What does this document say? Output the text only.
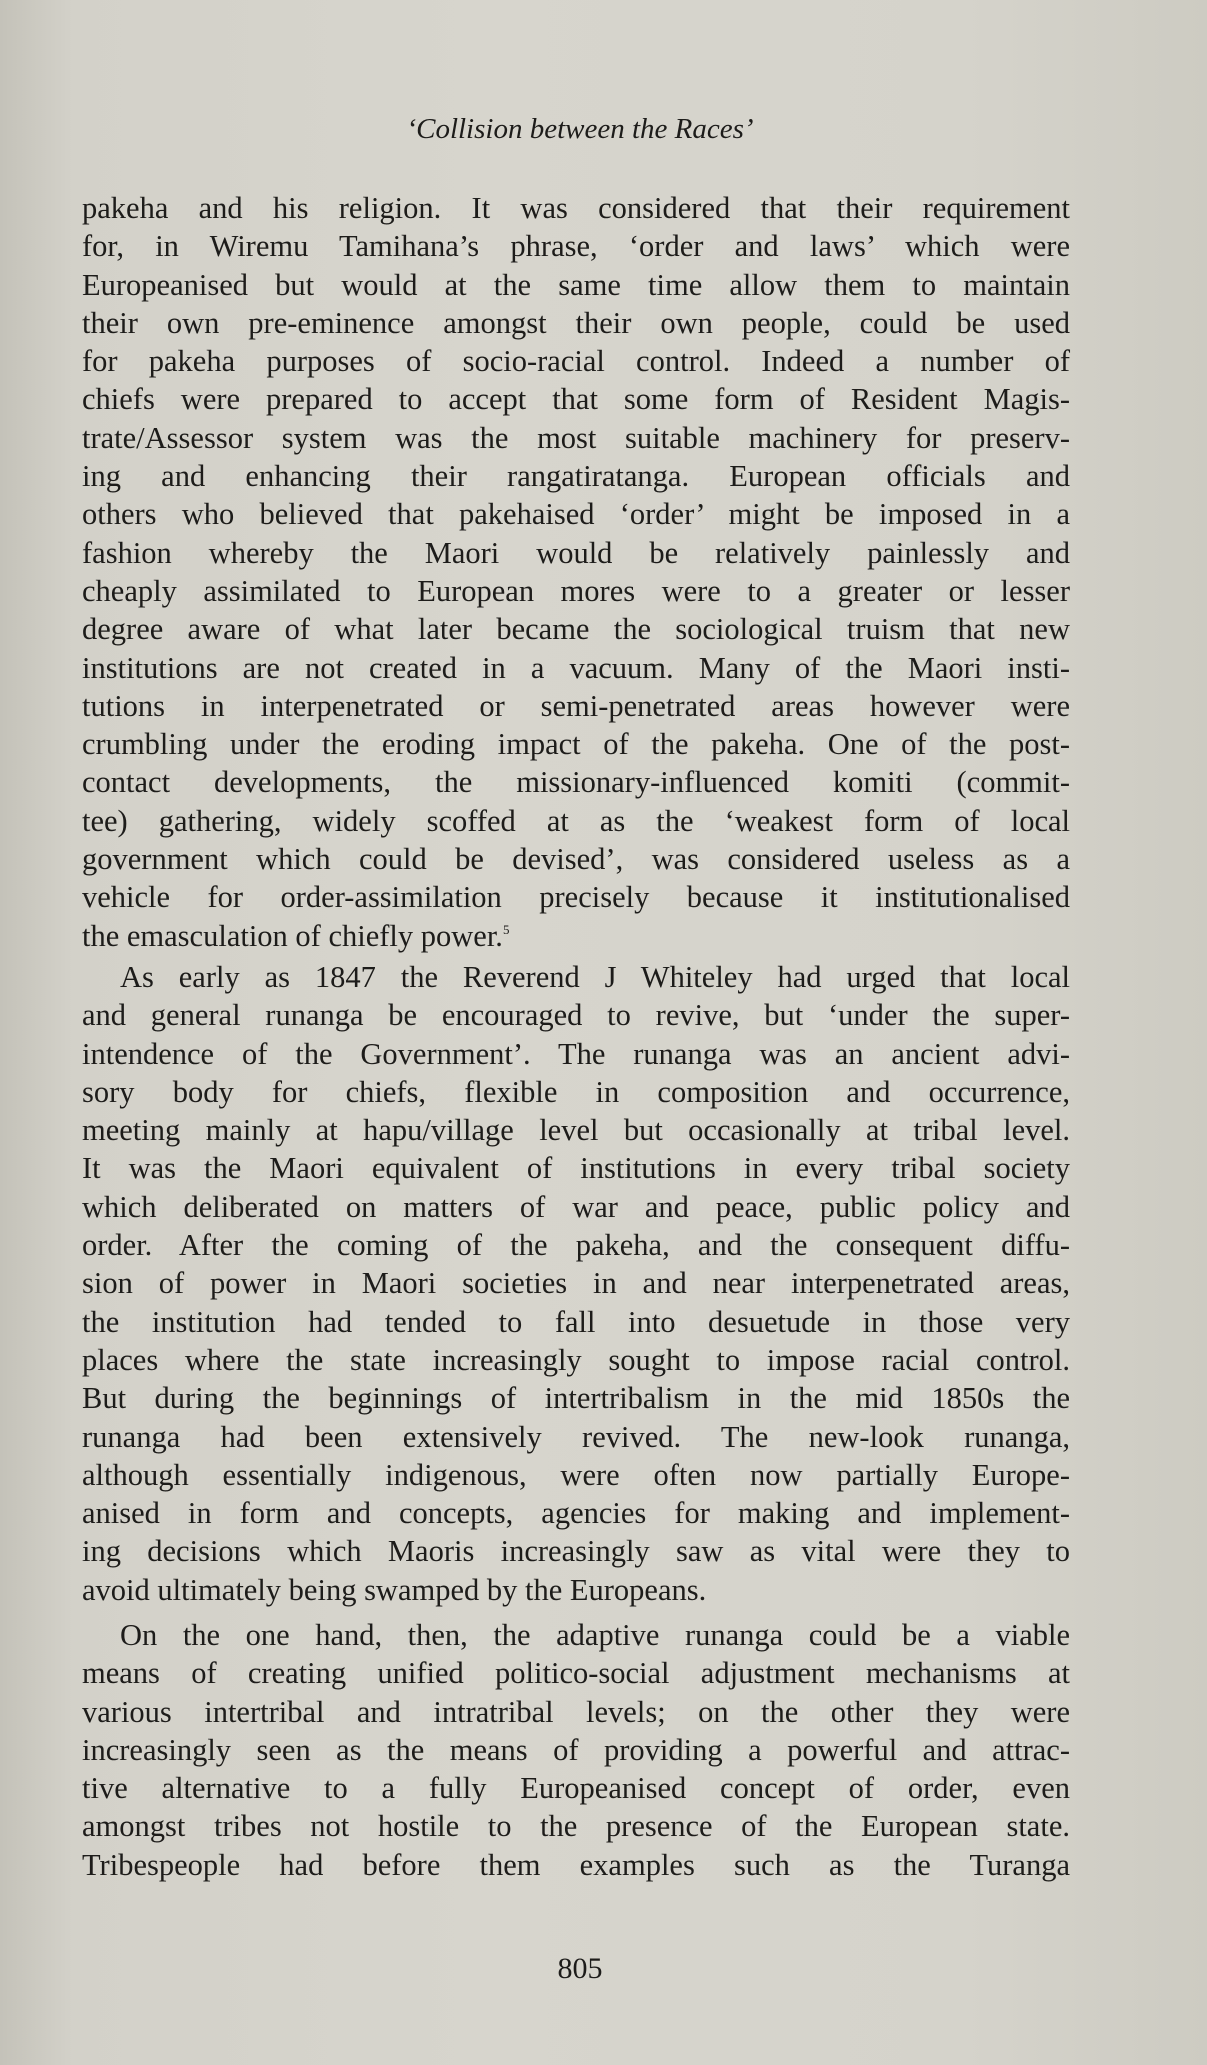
‘Collision between the Races’
pakeha and his religion. It was considered that their requirement
for, in Wiremu Tamihana’s phrase, ‘order and laws’ which were
Europeanised but would at the same time allow them to maintain
their own pre-eminence amongst their own people, could be used
for pakeha purposes of socio-racial control. Indeed a number of
chiefs were prepared to accept that some form of Resident Magis-
trate/Assessor system was the most suitable machinery for preserv-
ing and enhancing their rangatiratanga. European officials and
others who believed that pakehaised ‘order’ might be imposed in a
fashion whereby the Maori would be relatively painlessly and
cheaply assimilated to European mores were to a greater or lesser
degree aware of what later became the sociological truism that new
institutions are not created in a vacuum. Many of the Maori insti-
tutions in interpenetrated or semi-penetrated areas however were
crumbling under the eroding impact of the pakeha. One of the post-
contact developments, the missionary-influenced komiti (commit-
tee) gathering, widely scoffed at as the ‘weakest form of local
government which could be devised’, was considered useless as a
vehicle for order-assimilation precisely because it institutionalised
the emasculation of chiefly power.$^5$
As early as 1847 the Reverend J Whiteley had urged that local
and general runanga be encouraged to revive, but ‘under the super-
intendence of the Government’. The runanga was an ancient advi-
sory body for chiefs, flexible in composition and occurrence,
meeting mainly at hapu/village level but occasionally at tribal level.
It was the Maori equivalent of institutions in every tribal society
which deliberated on matters of war and peace, public policy and
order. After the coming of the pakeha, and the consequent diffu-
sion of power in Maori societies in and near interpenetrated areas,
the institution had tended to fall into desuetude in those very
places where the state increasingly sought to impose racial control.
But during the beginnings of intertribalism in the mid 1850s the
runanga had been extensively revived. The new-look runanga,
although essentially indigenous, were often now partially Europe-
anised in form and concepts, agencies for making and implement-
ing decisions which Maoris increasingly saw as vital were they to
avoid ultimately being swamped by the Europeans.
On the one hand, then, the adaptive runanga could be a viable
means of creating unified politico-social adjustment mechanisms at
various intertribal and intratribal levels; on the other they were
increasingly seen as the means of providing a powerful and attrac-
tive alternative to a fully Europeanised concept of order, even
amongst tribes not hostile to the presence of the European state.
Tribespeople had before them examples such as the Turanga
805
